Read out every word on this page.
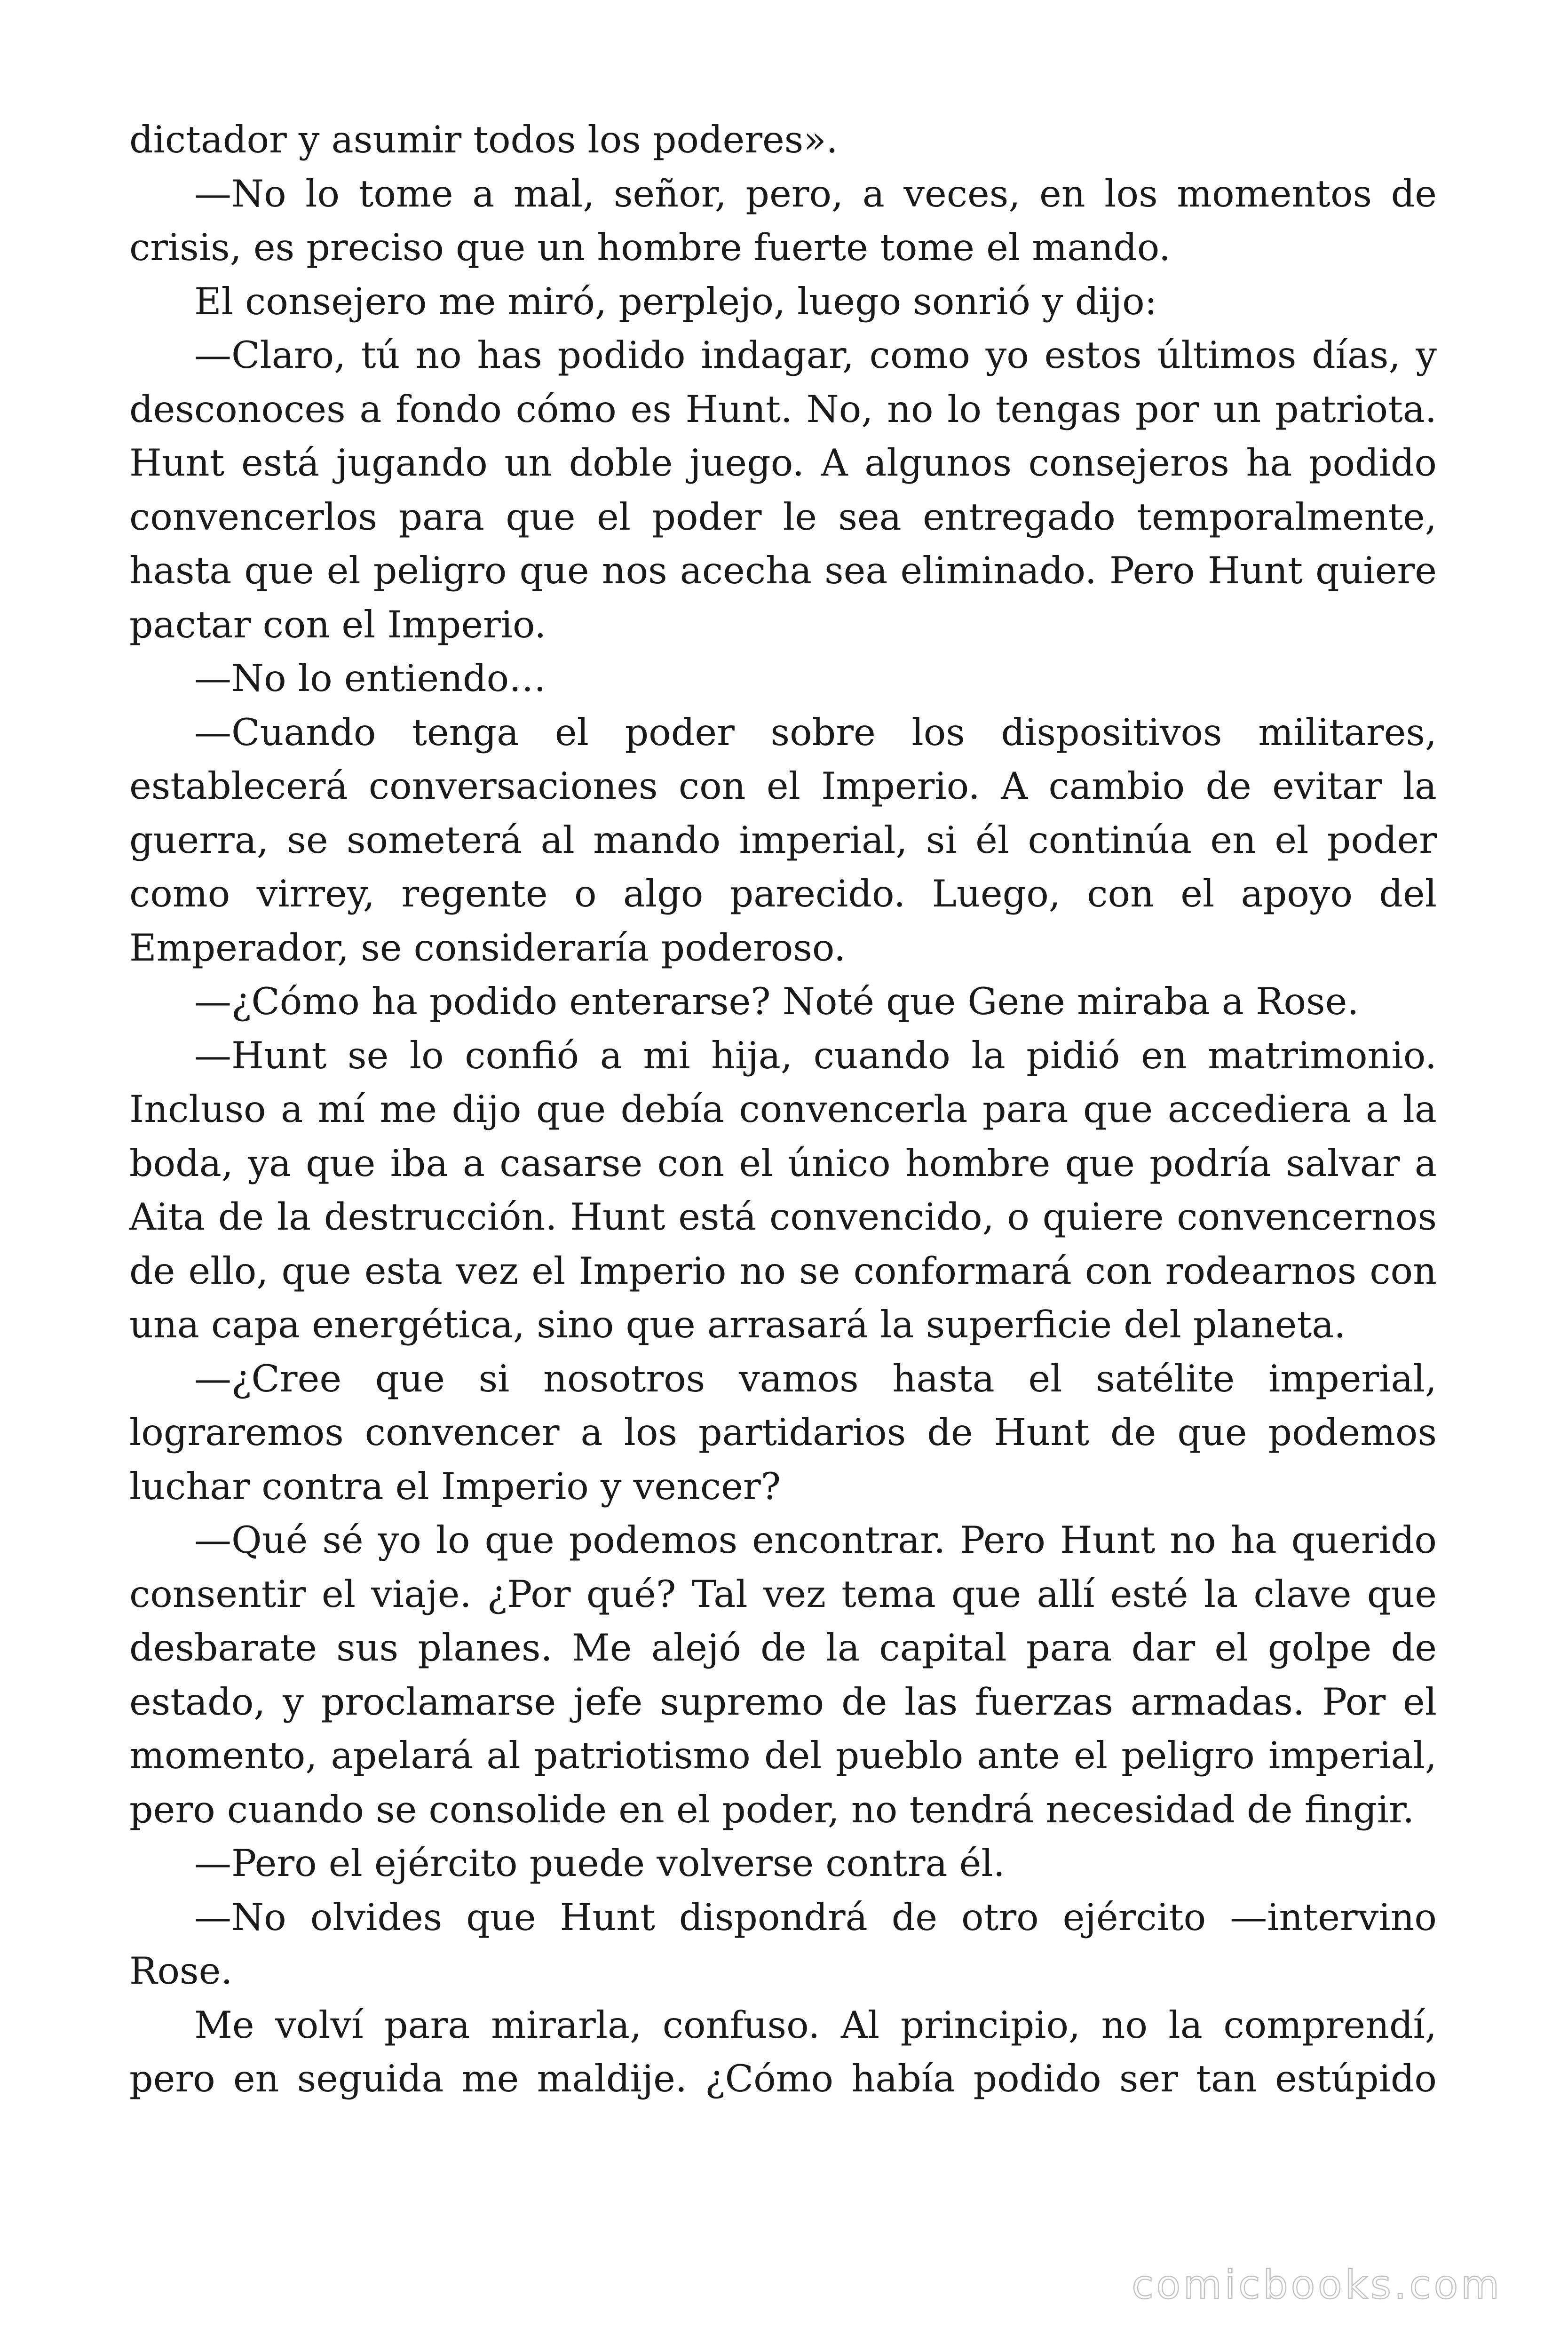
dictador y asumir todos los poderes».

—No lo tome a mal, señor, pero, a veces, en los momentos de crisis, es preciso que un hombre fuerte tome el mando.

El consejero me miró, perplejo, luego sonrió y dijo:

—Claro, tú no has podido indagar, como yo estos últimos días, y desconoces a fondo cómo es Hunt. No, no lo tengas por un patriota. Hunt está jugando un doble juego. A algunos consejeros ha podido convencerlos para que el poder le sea entregado temporalmente, hasta que el peligro que nos acecha sea eliminado. Pero Hunt quiere pactar con el Imperio.

—No lo entiendo…

—Cuando tenga el poder sobre los dispositivos militares, establecerá conversaciones con el Imperio. A cambio de evitar la guerra, se someterá al mando imperial, si él continúa en el poder como virrey, regente o algo parecido. Luego, con el apoyo del Emperador, se consideraría poderoso.

—¿Cómo ha podido enterarse? Noté que Gene miraba a Rose.

—Hunt se lo confió a mi hija, cuando la pidió en matrimonio. Incluso a mí me dijo que debía convencerla para que accediera a la boda, ya que iba a casarse con el único hombre que podría salvar a Aita de la destrucción. Hunt está convencido, o quiere convencernos de ello, que esta vez el Imperio no se conformará con rodearnos con una capa energética, sino que arrasará la superficie del planeta.

—¿Cree que si nosotros vamos hasta el satélite imperial, lograremos convencer a los partidarios de Hunt de que podemos luchar contra el Imperio y vencer?

—Qué sé yo lo que podemos encontrar. Pero Hunt no ha querido consentir el viaje. ¿Por qué? Tal vez tema que allí esté la clave que desbarate sus planes. Me alejó de la capital para dar el golpe de estado, y proclamarse jefe supremo de las fuerzas armadas. Por el momento, apelará al patriotismo del pueblo ante el peligro imperial, pero cuando se consolide en el poder, no tendrá necesidad de fingir.

—Pero el ejército puede volverse contra él.

—No olvides que Hunt dispondrá de otro ejército —intervino Rose.

Me volví para mirarla, confuso. Al principio, no la comprendí, pero en seguida me maldije. ¿Cómo había podido ser tan estúpido

comicbooks.com
